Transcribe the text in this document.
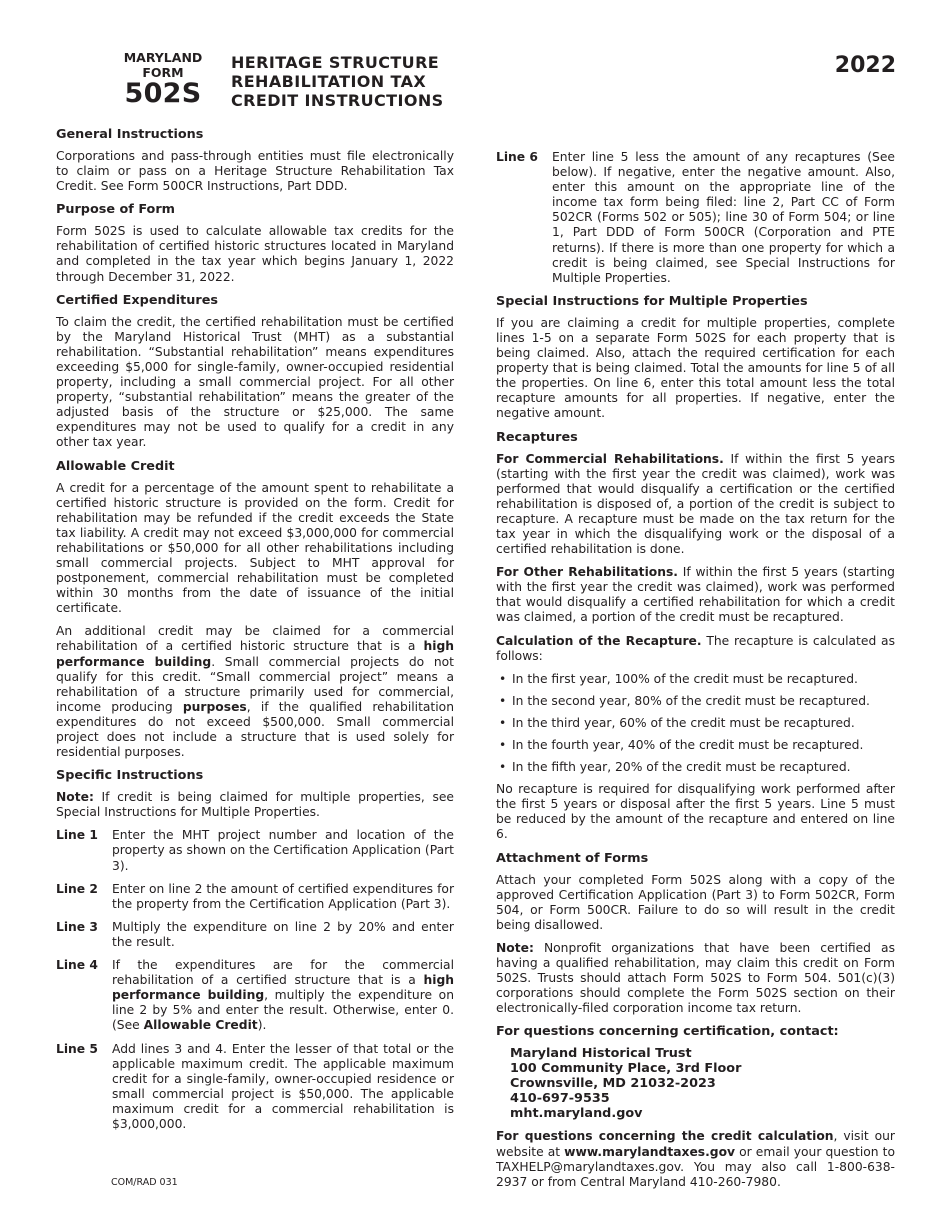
MARYLAND
FORM
502S
HERITAGE STRUCTURE
REHABILITATION TAX
CREDIT INSTRUCTIONS
2022
General Instructions

Corporations and pass-through entities must file electronically to claim or pass on a Heritage Structure Rehabilitation Tax Credit. See Form 500CR Instructions, Part DDD.

Purpose of Form

Form 502S is used to calculate allowable tax credits for the rehabilitation of certified historic structures located in Maryland and completed in the tax year which begins January 1, 2022 through December 31, 2022.

Certified Expenditures

To claim the credit, the certified rehabilitation must be certified by the Maryland Historical Trust (MHT) as a substantial rehabilitation. “Substantial rehabilitation” means expenditures exceeding $5,000 for single-family, owner-occupied residential property, including a small commercial project. For all other property, “substantial rehabilitation” means the greater of the adjusted basis of the structure or $25,000. The same expenditures may not be used to qualify for a credit in any other tax year.

Allowable Credit

A credit for a percentage of the amount spent to rehabilitate a certified historic structure is provided on the form. Credit for rehabilitation may be refunded if the credit exceeds the State tax liability. A credit may not exceed $3,000,000 for commercial rehabilitations or $50,000 for all other rehabilitations including small commercial projects. Subject to MHT approval for postponement, commercial rehabilitation must be completed within 30 months from the date of issuance of the initial certificate.

An additional credit may be claimed for a commercial rehabilitation of a certified historic structure that is a high performance building. Small commercial projects do not qualify for this credit. “Small commercial project” means a rehabilitation of a structure primarily used for commercial, income producing purposes, if the qualified rehabilitation expenditures do not exceed $500,000. Small commercial project does not include a structure that is used solely for residential purposes.

Specific Instructions

Note: If credit is being claimed for multiple properties, see Special Instructions for Multiple Properties.

Line 1	Enter the MHT project number and location of the property as shown on the Certification Application (Part 3).
Line 2	Enter on line 2 the amount of certified expenditures for the property from the Certification Application (Part 3).
Line 3	Multiply the expenditure on line 2 by 20% and enter the result.
Line 4	If the expenditures are for the commercial rehabilitation of a certified structure that is a high performance building, multiply the expenditure on line 2 by 5% and enter the result. Otherwise, enter 0. (See Allowable Credit).
Line 5	Add lines 3 and 4. Enter the lesser of that total or the applicable maximum credit. The applicable maximum credit for a single-family, owner-occupied residence or small commercial project is $50,000. The applicable maximum credit for a commercial rehabilitation is $3,000,000.
Line 6	Enter line 5 less the amount of any recaptures (See below). If negative, enter the negative amount. Also, enter this amount on the appropriate line of the income tax form being filed: line 2, Part CC of Form 502CR (Forms 502 or 505); line 30 of Form 504; or line 1, Part DDD of Form 500CR (Corporation and PTE returns). If there is more than one property for which a credit is being claimed, see Special Instructions for Multiple Properties.
Special Instructions for Multiple Properties

If you are claiming a credit for multiple properties, complete lines 1-5 on a separate Form 502S for each property that is being claimed. Also, attach the required certification for each property that is being claimed. Total the amounts for line 5 of all the properties. On line 6, enter this total amount less the total recapture amounts for all properties. If negative, enter the negative amount.

Recaptures

For Commercial Rehabilitations. If within the first 5 years (starting with the first year the credit was claimed), work was performed that would disqualify a certification or the certified rehabilitation is disposed of, a portion of the credit is subject to recapture. A recapture must be made on the tax return for the tax year in which the disqualifying work or the disposal of a certified rehabilitation is done.

For Other Rehabilitations. If within the first 5 years (starting with the first year the credit was claimed), work was performed that would disqualify a certified rehabilitation for which a credit was claimed, a portion of the credit must be recaptured.

Calculation of the Recapture. The recapture is calculated as follows:

• In the first year, 100% of the credit must be recaptured.
• In the second year, 80% of the credit must be recaptured.
• In the third year, 60% of the credit must be recaptured.
• In the fourth year, 40% of the credit must be recaptured.
• In the fifth year, 20% of the credit must be recaptured.

No recapture is required for disqualifying work performed after the first 5 years or disposal after the first 5 years. Line 5 must be reduced by the amount of the recapture and entered on line 6.

Attachment of Forms

Attach your completed Form 502S along with a copy of the approved Certification Application (Part 3) to Form 502CR, Form 504, or Form 500CR. Failure to do so will result in the credit being disallowed.

Note: Nonprofit organizations that have been certified as having a qualified rehabilitation, may claim this credit on Form 502S. Trusts should attach Form 502S to Form 504. 501(c)(3) corporations should complete the Form 502S section on their electronically-filed corporation income tax return.

For questions concerning certification, contact:
Maryland Historical Trust
100 Community Place, 3rd Floor
Crownsville, MD 21032-2023
410-697-9535
mht.maryland.gov

For questions concerning the credit calculation, visit our website at www.marylandtaxes.gov or email your question to TAXHELP@marylandtaxes.gov. You may also call 1-800-638-2937 or from Central Maryland 410-260-7980.

COM/RAD 031
